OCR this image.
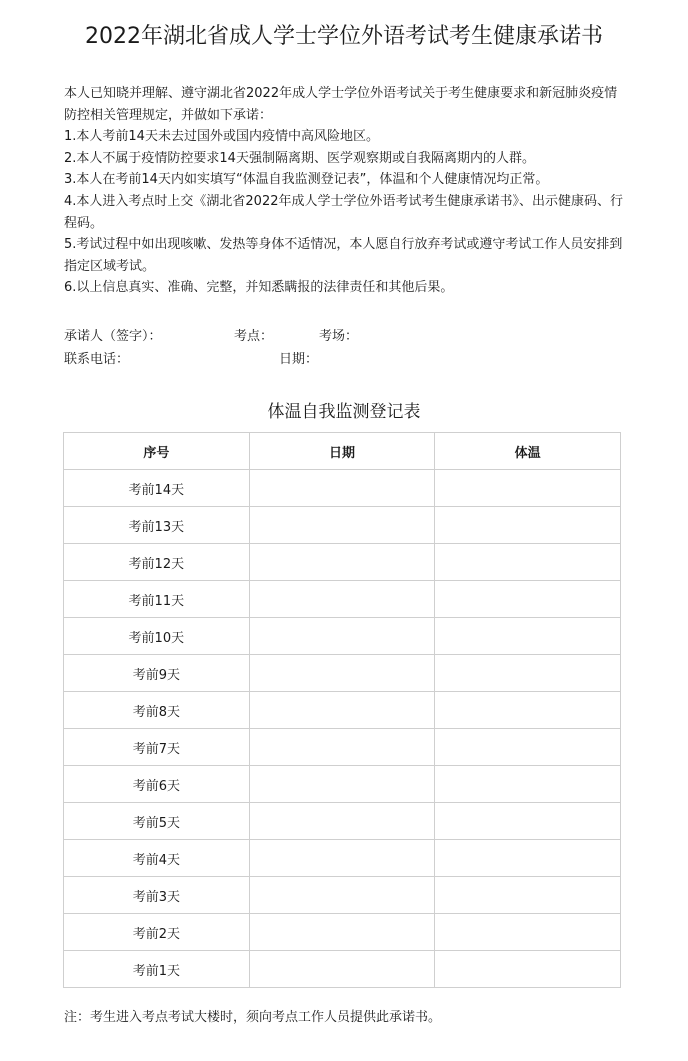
2022年湖北省成人学士学位外语考试考生健康承诺书

本人已知晓并理解、遵守湖北省2022年成人学士学位外语考试关于考生健康要求和新冠肺炎疫情防控相关管理规定，并做如下承诺：

1.本人考前14天未去过国外或国内疫情中高风险地区。

2.本人不属于疫情防控要求14天强制隔离期、医学观察期或自我隔离期内的人群。

3.本人在考前14天内如实填写“体温自我监测登记表”，体温和个人健康情况均正常。

4.本人进入考点时上交《湖北省2022年成人学士学位外语考试考生健康承诺书》、出示健康码、行程码。

5.考试过程中如出现咳嗽、发热等身体不适情况，本人愿自行放弃考试或遵守考试工作人员安排到指定区域考试。

6.以上信息真实、准确、完整，并知悉瞒报的法律责任和其他后果。

承诺人（签字）：	考点：	考场：
联系电话：	日期：
体温自我监测登记表
序号	日期	体温
考前14天		
考前13天		
考前12天		
考前11天		
考前10天		
考前9天		
考前8天		
考前7天		
考前6天		
考前5天		
考前4天		
考前3天		
考前2天		
考前1天		
注：考生进入考点考试大楼时，须向考点工作人员提供此承诺书。
